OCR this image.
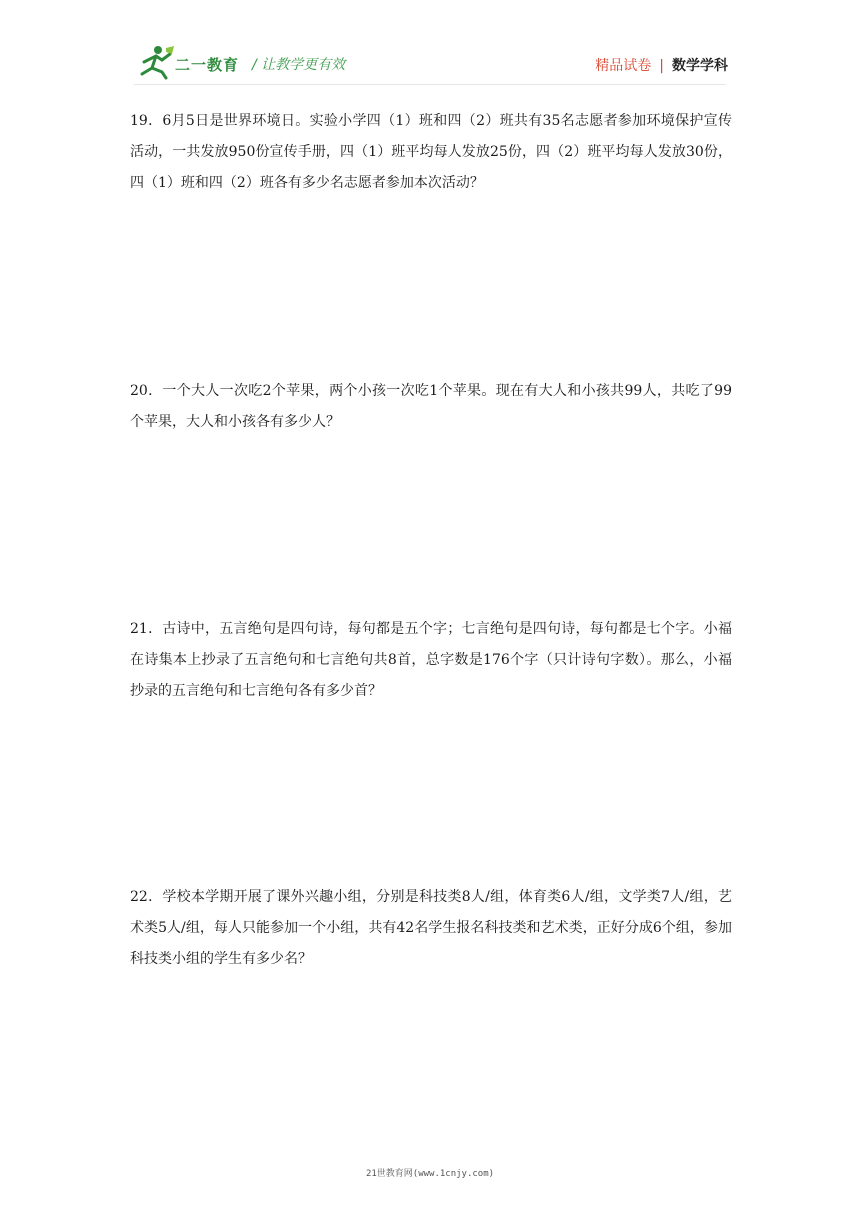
二一教育 / 让教学更有效	精品试卷 | 数学学科
19．6月5日是世界环境日。实验小学四（1）班和四（2）班共有35名志愿者参加环境保护宣传活动，一共发放950份宣传手册，四（1）班平均每人发放25份，四（2）班平均每人发放30份，四（1）班和四（2）班各有多少名志愿者参加本次活动？
20．一个大人一次吃2个苹果，两个小孩一次吃1个苹果。现在有大人和小孩共99人，共吃了99个苹果，大人和小孩各有多少人？
21．古诗中，五言绝句是四句诗，每句都是五个字；七言绝句是四句诗，每句都是七个字。小福在诗集本上抄录了五言绝句和七言绝句共8首，总字数是176个字（只计诗句字数）。那么，小福抄录的五言绝句和七言绝句各有多少首？
22．学校本学期开展了课外兴趣小组，分别是科技类8人/组，体育类6人/组，文学类7人/组，艺术类5人/组，每人只能参加一个小组，共有42名学生报名科技类和艺术类，正好分成6个组，参加科技类小组的学生有多少名？
21世教育网(www.1cnjy.com)
